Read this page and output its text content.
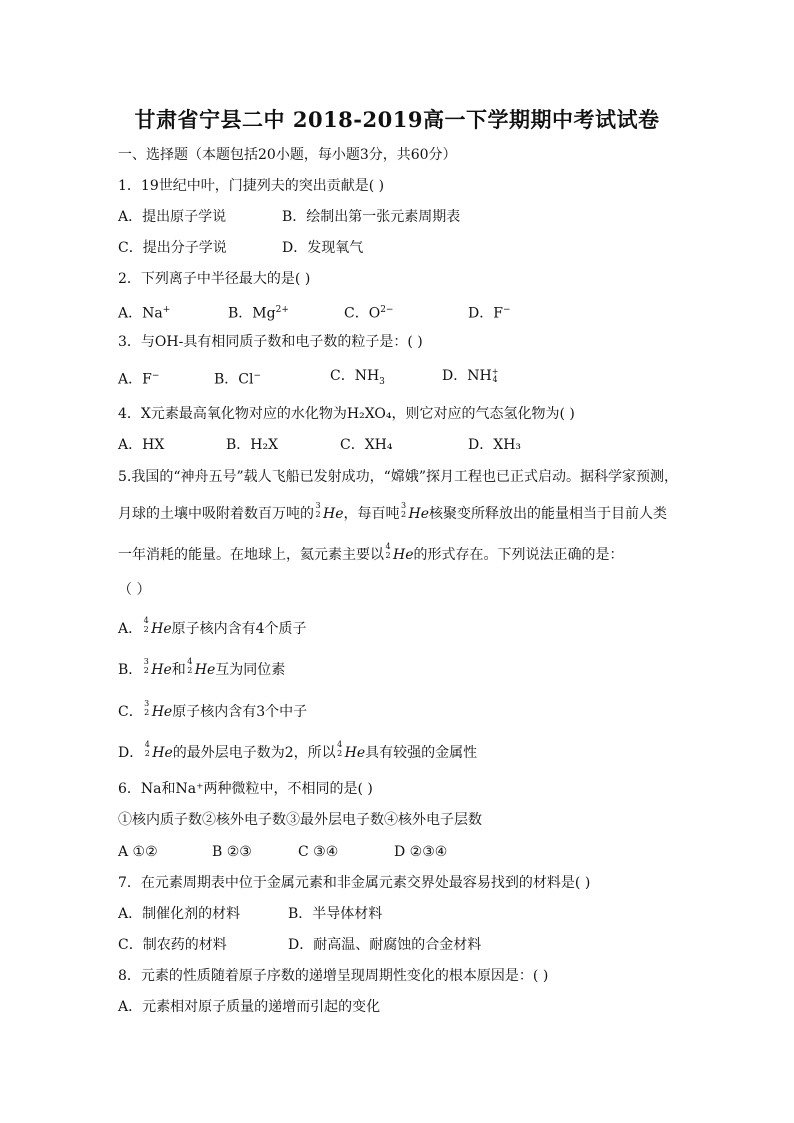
甘肃省宁县二中 2018-2019高一下学期期中考试试卷
一、选择题（本题包括20小题，每小题3分，共60分）
1．19世纪中叶，门捷列夫的突出贡献是( )
A．提出原子学说	B．绘制出第一张元素周期表
C．提出分子学说	D．发现氧气
2．下列离子中半径最大的是( )
A．Na+	B．$Mg^{2+}$	C．$O^{2-}$	D．F−
3．与OH-具有相同质子数和电子数的粒子是：( )
A．F−	B．Cl−	C．$NH_3$	D．NH +
4
4．X元素最高氧化物对应的水化物为H₂XO₄，则它对应的气态氢化物为( )
A．HX	B．H₂X	C．XH₄	D．XH₃
5.我国的“神舟五号”载人飞船已发射成功，“嫦娥”探月工程也已正式启动。据科学家预测，
月球的土壤中吸附着数百万吨的
3
2 He，每百吨
3
2 He核聚变所释放出的能量相当于目前人类
一年消耗的能量。在地球上，氦元素主要以
4
2 He的形式存在。下列说法正确的是：
（ ）
A．
4
2 He原子核内含有4个质子
B．
3
2 He和
4
2 He互为同位素
C．
3
2 He原子核内含有3个中子
D．
4
2 He的最外层电子数为2，所以
4
2 He具有较强的金属性
6．Na和Na⁺两种微粒中，不相同的是( )
①核内质子数②核外电子数③最外层电子数④核外电子层数
A ①②	B ②③	C ③④	D ②③④
7．在元素周期表中位于金属元素和非金属元素交界处最容易找到的材料是( )
A．制催化剂的材料	B．半导体材料
C．制农药的材料	D．耐高温、耐腐蚀的合金材料
8．元素的性质随着原子序数的递增呈现周期性变化的根本原因是：( )
A．元素相对原子质量的递增而引起的变化
